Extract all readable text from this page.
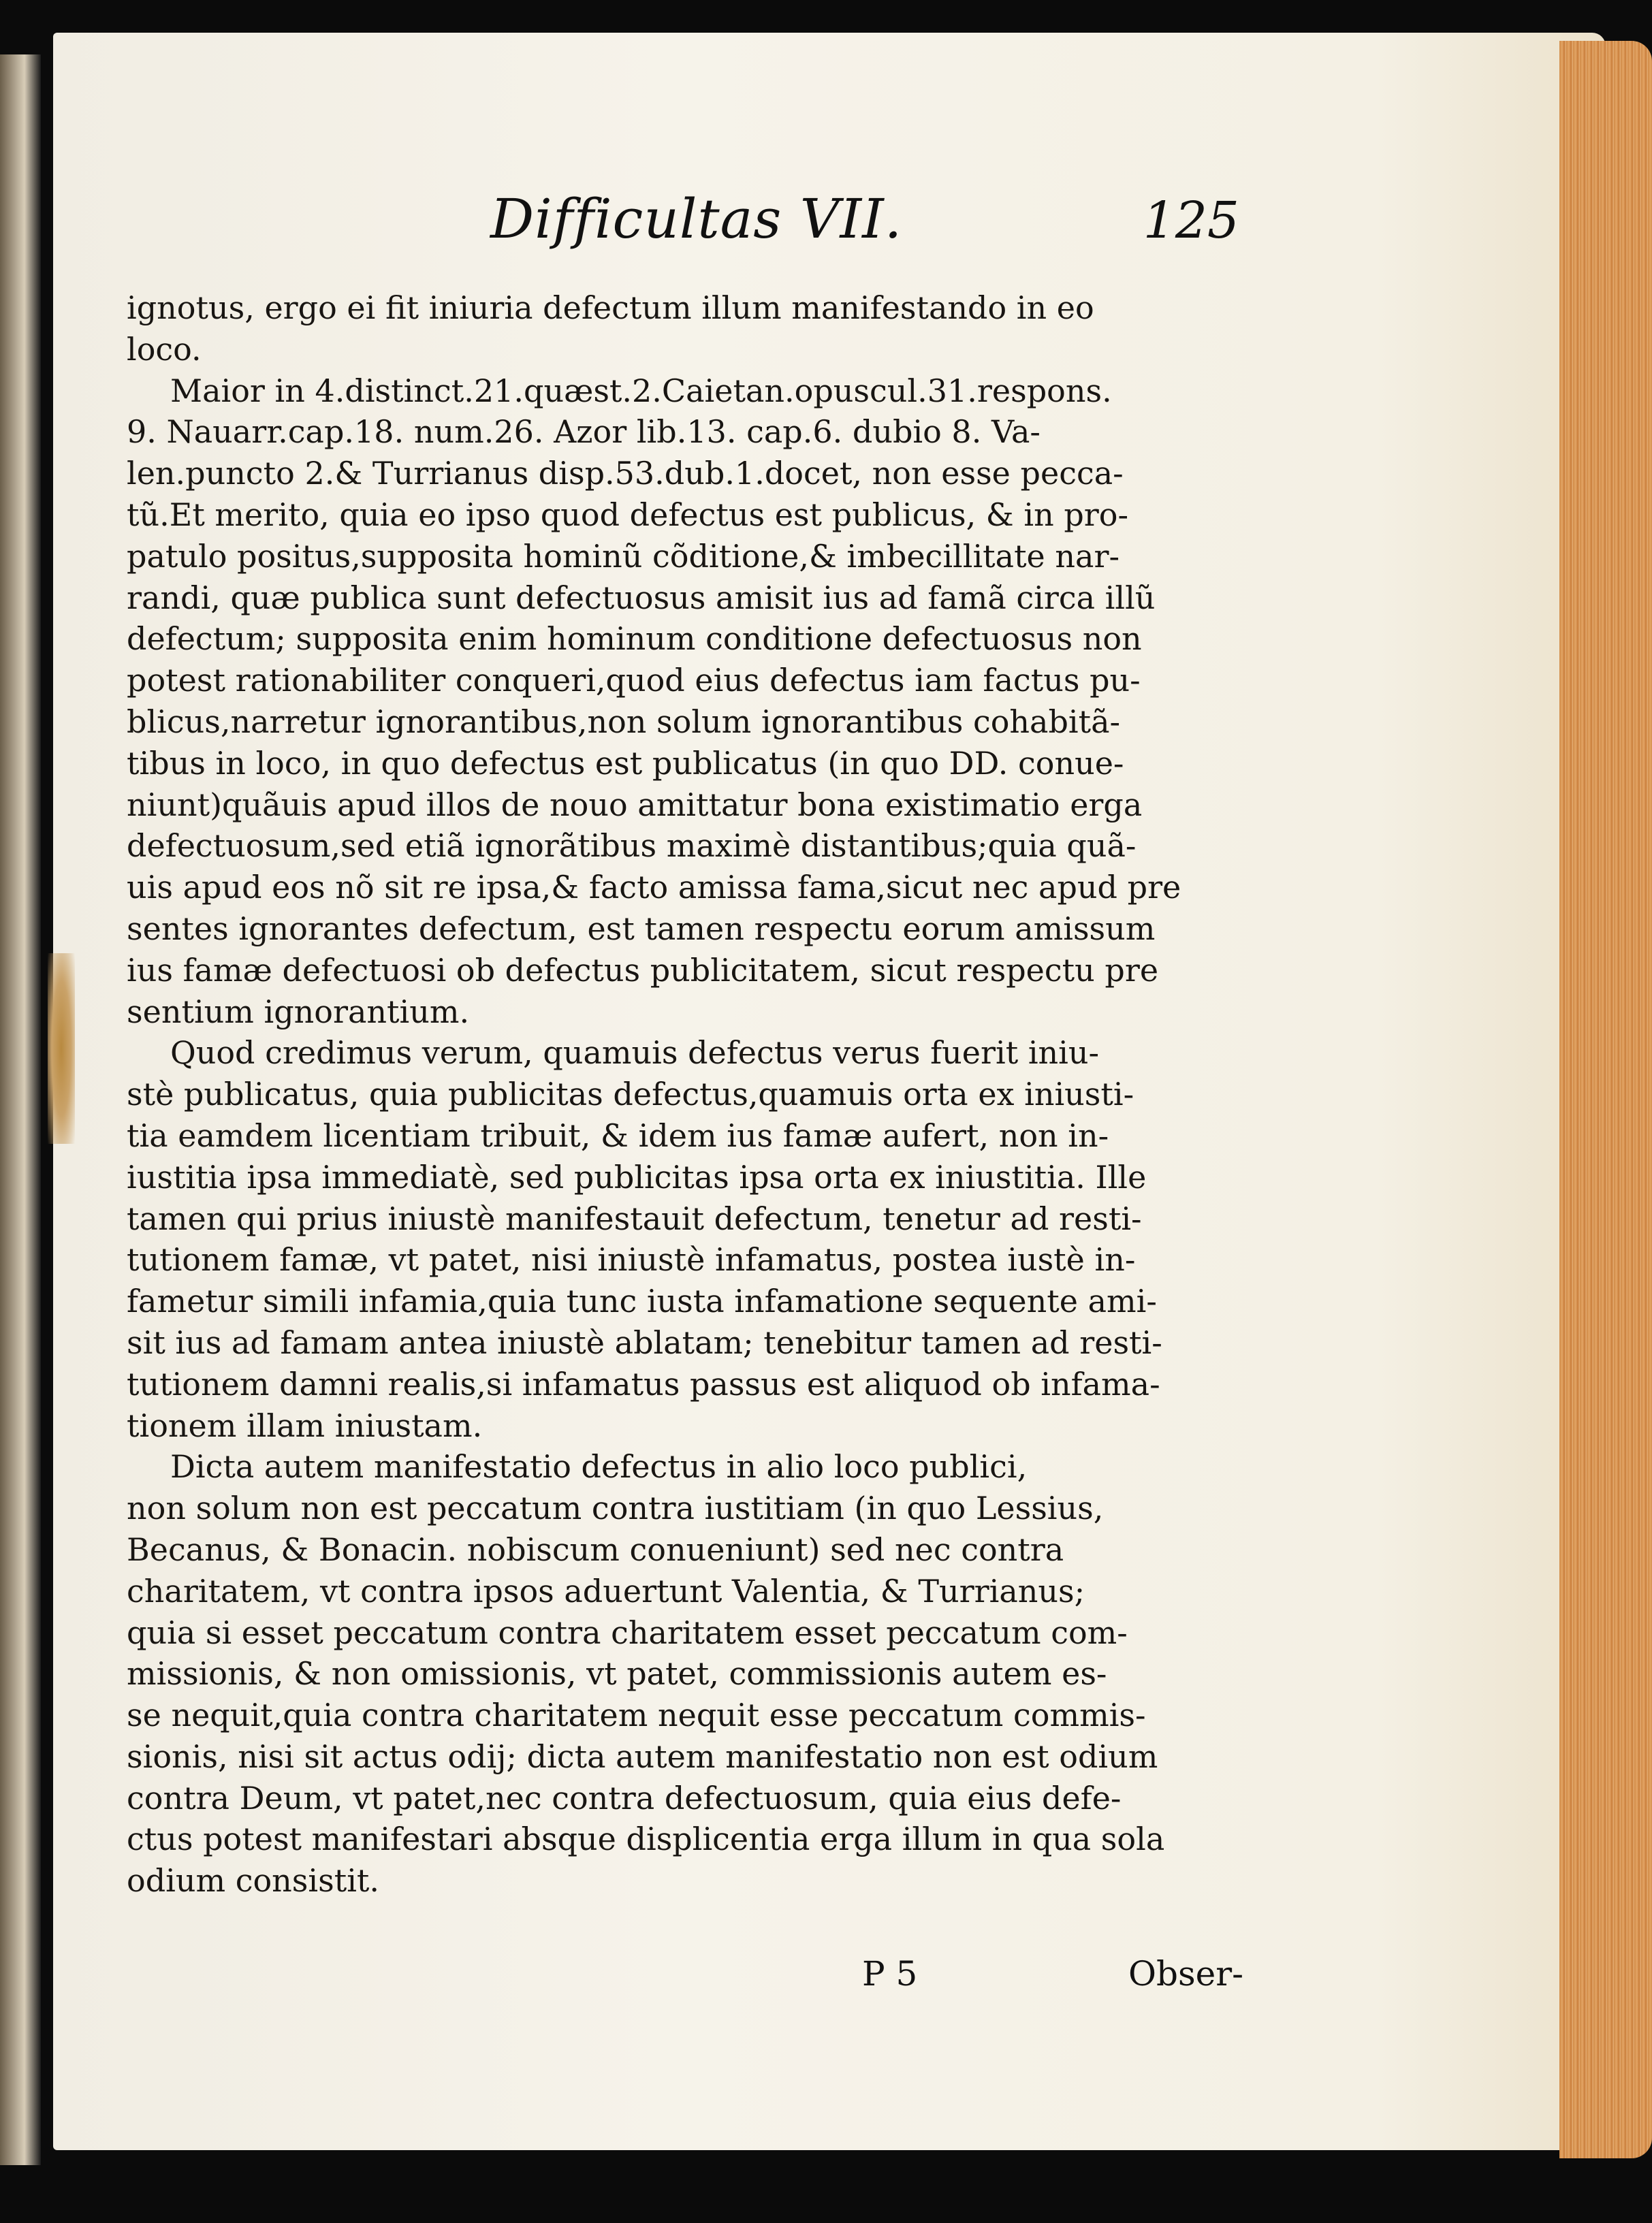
Difficultas VII.	125
ignotus, ergo ei fit iniuria defectum illum manifestando in eo
loco.
Maior in 4.distinct.21.quæst.2.Caietan.opuscul.31.respons.
9. Nauarr.cap.18. num.26. Azor lib.13. cap.6. dubio 8. Va-
len.puncto 2.& Turrianus disp.53.dub.1.docet, non esse pecca-
tũ.Et merito, quia eo ipso quod defectus est publicus, & in pro-
patulo positus,supposita hominũ cõditione,& imbecillitate nar-
randi, quæ publica sunt defectuosus amisit ius ad famã circa illũ
defectum; supposita enim hominum conditione defectuosus non
potest rationabiliter conqueri,quod eius defectus iam factus pu-
blicus,narretur ignorantibus,non solum ignorantibus cohabitã-
tibus in loco, in quo defectus est publicatus (in quo DD. conue-
niunt)quãuis apud illos de nouo amittatur bona existimatio erga
defectuosum,sed etiã ignorãtibus maximè distantibus;quia quã-
uis apud eos nõ sit re ipsa,& facto amissa fama,sicut nec apud pre
sentes ignorantes defectum, est tamen respectu eorum amissum
ius famæ defectuosi ob defectus publicitatem, sicut respectu pre
sentium ignorantium.
Quod credimus verum, quamuis defectus verus fuerit iniu-
stè publicatus, quia publicitas defectus,quamuis orta ex iniusti-
tia eamdem licentiam tribuit, & idem ius famæ aufert, non in-
iustitia ipsa immediatè, sed publicitas ipsa orta ex iniustitia. Ille
tamen qui prius iniustè manifestauit defectum, tenetur ad resti-
tutionem famæ, vt patet, nisi iniustè infamatus, postea iustè in-
fametur simili infamia,quia tunc iusta infamatione sequente ami-
sit ius ad famam antea iniustè ablatam; tenebitur tamen ad resti-
tutionem damni realis,si infamatus passus est aliquod ob infama-
tionem illam iniustam.
Dicta autem manifestatio defectus in alio loco publici,
non solum non est peccatum contra iustitiam (in quo Lessius,
Becanus, & Bonacin. nobiscum conueniunt) sed nec contra
charitatem, vt contra ipsos aduertunt Valentia, & Turrianus;
quia si esset peccatum contra charitatem esset peccatum com-
missionis, & non omissionis, vt patet, commissionis autem es-
se nequit,quia contra charitatem nequit esse peccatum commis-
sionis, nisi sit actus odij; dicta autem manifestatio non est odium
contra Deum, vt patet,nec contra defectuosum, quia eius defe-
ctus potest manifestari absque displicentia erga illum in qua sola
odium consistit.
P 5	Obser-
